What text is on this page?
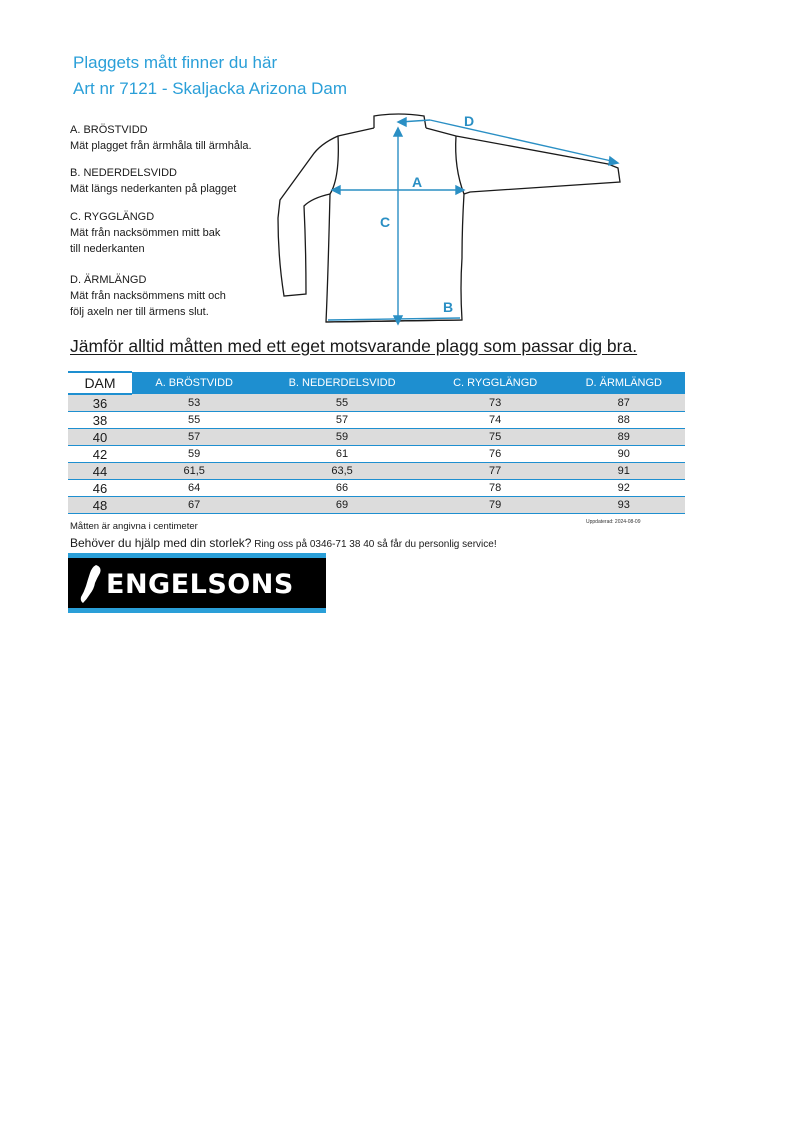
Plaggets mått finner du här
Art nr 7121 - Skaljacka Arizona Dam
A. BRÖSTVIDD
Mät plagget från ärmhåla till ärmhåla.
B. NEDERDELSVIDD
Mät längs nederkanten på plagget
C. RYGGLÄNGD
Mät från nacksömmen mitt bak
till nederkanten
D. ÄRMLÄNGD
Mät från nacksömmens mitt och
följ axeln ner till ärmens slut.
A
B
C
D
Jämför alltid måtten med ett eget motsvarande plagg som passar dig bra.
DAM	A. BRÖSTVIDD	B. NEDERDELSVIDD	C. RYGGLÄNGD	D. ÄRMLÄNGD
36	53	55	73	87
38	55	57	74	88
40	57	59	75	89
42	59	61	76	90
44	61,5	63,5	77	91
46	64	66	78	92
48	67	69	79	93
Måtten är angivna i centimeter	Uppdaterad: 2024-08-09
Behöver du hjälp med din storlek? Ring oss på 0346-71 38 40 så får du personlig service!
ENGELSONS
